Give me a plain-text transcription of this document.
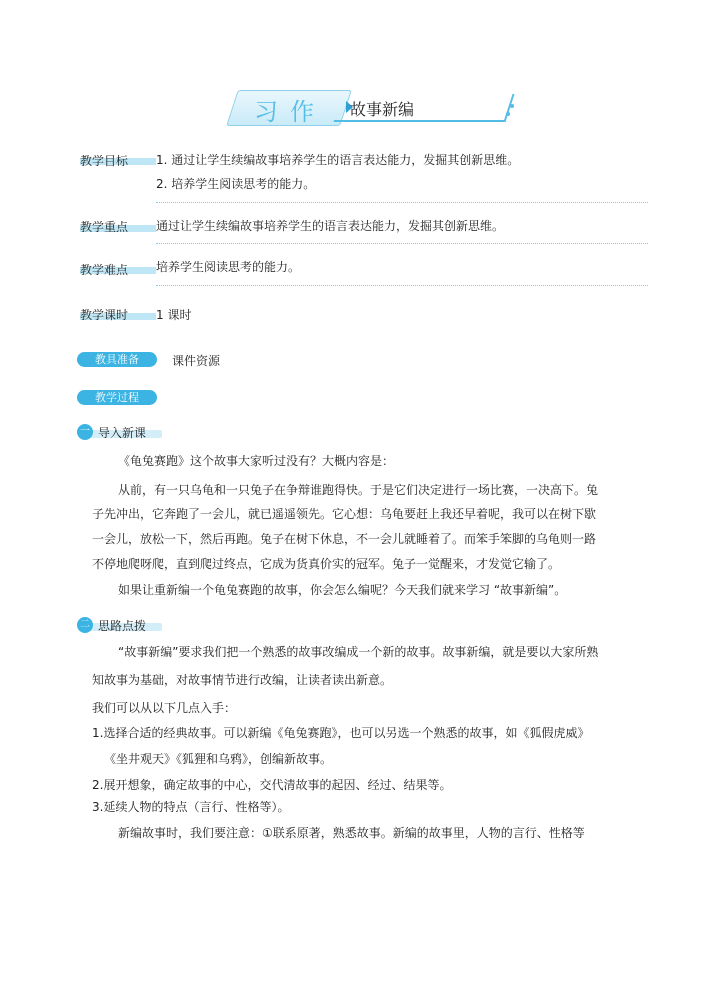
习作 故事新编
教学目标 1. 通过让学生续编故事培养学生的语言表达能力，发掘其创新思维。
2. 培养学生阅读思考的能力。
教学重点 通过让学生续编故事培养学生的语言表达能力，发掘其创新思维。
教学难点 培养学生阅读思考的能力。
教学课时 1 课时
教具准备	课件资源
教学过程
一 导入新课
《龟兔赛跑》这个故事大家听过没有？大概内容是：
从前，有一只乌龟和一只兔子在争辩谁跑得快。于是它们决定进行一场比赛，一决高下。兔
子先冲出，它奔跑了一会儿，就已遥遥领先。它心想：乌龟要赶上我还早着呢，我可以在树下歇
一会儿，放松一下，然后再跑。兔子在树下休息，不一会儿就睡着了。而笨手笨脚的乌龟则一路
不停地爬呀爬，直到爬过终点，它成为货真价实的冠军。兔子一觉醒来，才发觉它输了。
如果让重新编一个龟兔赛跑的故事，你会怎么编呢？今天我们就来学习 “故事新编”。
二 思路点拨
“故事新编”要求我们把一个熟悉的故事改编成一个新的故事。故事新编，就是要以大家所熟
知故事为基础，对故事情节进行改编，让读者读出新意。
我们可以从以下几点入手：
1.选择合适的经典故事。可以新编《龟兔赛跑》，也可以另选一个熟悉的故事，如《狐假虎威》
《坐井观天》《狐狸和乌鸦》，创编新故事。
2.展开想象，确定故事的中心，交代清故事的起因、经过、结果等。
3.延续人物的特点（言行、性格等）。
新编故事时，我们要注意：①联系原著，熟悉故事。新编的故事里，人物的言行、性格等
